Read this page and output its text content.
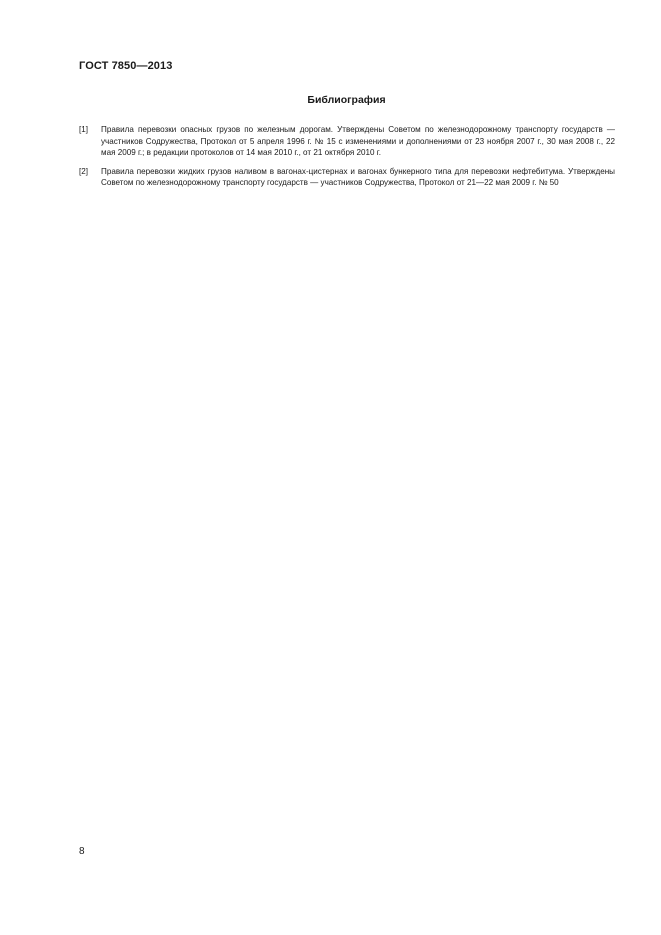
ГОСТ 7850—2013
Библиография
[1]	Правила перевозки опасных грузов по железным дорогам. Утверждены Советом по железнодорожному транспорту государств — участников Содружества, Протокол от 5 апреля 1996 г. № 15 с изменениями и дополнениями от 23 ноября 2007 г., 30 мая 2008 г., 22 мая 2009 г.; в редакции протоколов от 14 мая 2010 г., от 21 октября 2010 г.
[2]	Правила перевозки жидких грузов наливом в вагонах-цистернах и вагонах бункерного типа для перевозки нефтебитума. Утверждены Советом по железнодорожному транспорту государств — участников Содружества, Протокол от 21—22 мая 2009 г. № 50
8
